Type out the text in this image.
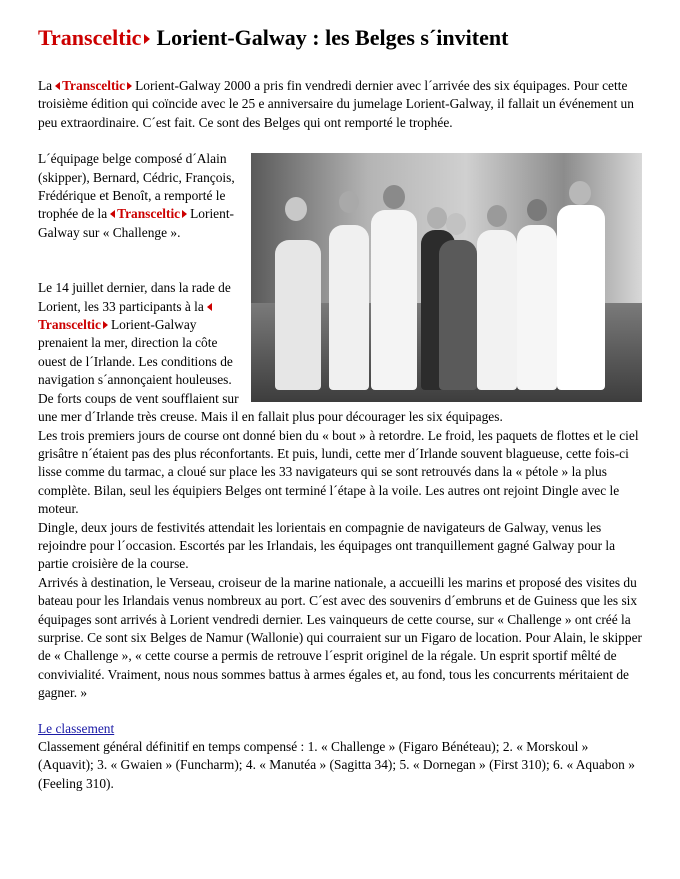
Transceltic Lorient-Galway : les Belges s´invitent

La Transceltic Lorient-Galway 2000 a pris fin vendredi dernier avec l´arrivée des six équipages. Pour cette troisième édition qui coïncide avec le 25 e anniversaire du jumelage Lorient-Galway, il fallait un événement un peu extraordinaire. C´est fait. Ce sont des Belges qui ont remporté le trophée.

L´équipage belge composé d´Alain (skipper), Bernard, Cédric, François, Frédérique et Benoît, a remporté le trophée de la Transceltic Lorient-Galway sur « Challenge ».

Le 14 juillet dernier, dans la rade de Lorient, les 33 participants à laTransceltic Lorient-Galway prenaient la mer, direction la côte ouest de l´Irlande. Les conditions de navigation s´annonçaient houleuses. De forts coups de vent soufflaient sur une mer d´Irlande très creuse. Mais il en fallait plus pour décourager les six équipages.

Les trois premiers jours de course ont donné bien du « bout » à retordre. Le froid, les paquets de flottes et le ciel grisâtre n´étaient pas des plus réconfortants. Et puis, lundi, cette mer d´Irlande souvent blagueuse, cette fois-ci lisse comme du tarmac, a cloué sur place les 33 navigateurs qui se sont retrouvés dans la « pétole » la plus complète. Bilan, seul les équipiers Belges ont terminé l´étape à la voile. Les autres ont rejoint Dingle avec le moteur.

Dingle, deux jours de festivités attendait les lorientais en compagnie de navigateurs de Galway, venus les rejoindre pour l´occasion. Escortés par les Irlandais, les équipages ont tranquillement gagné Galway pour la partie croisière de la course.

Arrivés à destination, le Verseau, croiseur de la marine nationale, a accueilli les marins et proposé des visites du bateau pour les Irlandais venus nombreux au port. C´est avec des souvenirs d´embruns et de Guiness que les six équipages sont arrivés à Lorient vendredi dernier. Les vainqueurs de cette course, sur « Challenge » ont créé la surprise. Ce sont six Belges de Namur (Wallonie) qui courraient sur un Figaro de location. Pour Alain, le skipper de « Challenge », « cette course a permis de retrouve l´esprit originel de la régale. Un esprit sportif mêlté de convivialité. Vraiment, nous nous sommes battus à armes égales et, au fond, tous les concurrents méritaient de gagner. »

Le classement
Classement général définitif en temps compensé : 1. « Challenge » (Figaro Bénéteau); 2. « Morskoul » (Aquavit); 3. « Gwaien » (Funcharm); 4. « Manutéa » (Sagitta 34); 5. « Dornegan » (First 310); 6. « Aquabon » (Feeling 310).
